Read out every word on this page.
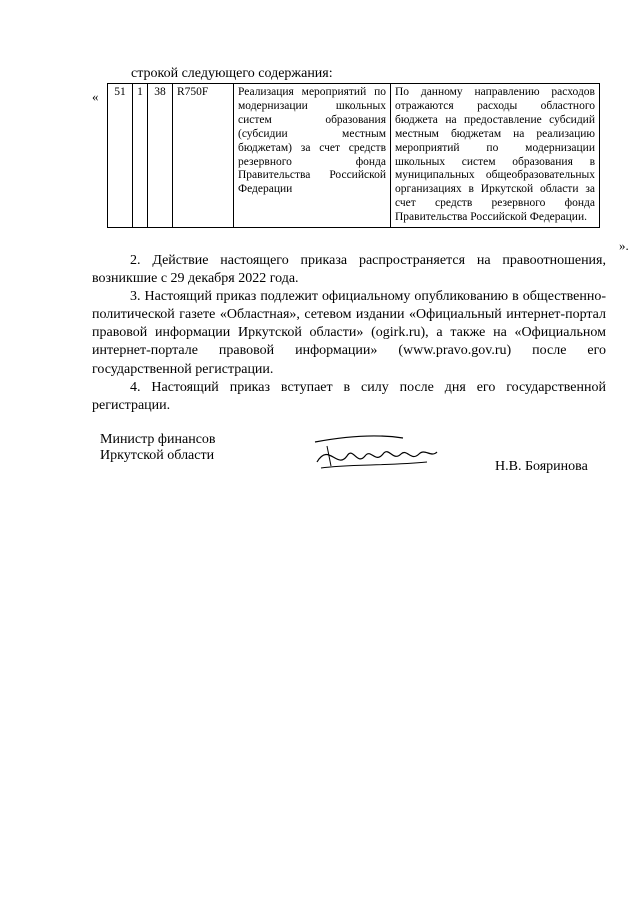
строкой следующего содержания:
« 51	1	38	R750F	Реализация мероприятий по модернизации школьных систем образования (субсидии местным бюджетам) за счет средств резервного фонда Правительства Российской Федерации	По данному направлению расходов отражаются расходы областного бюджета на предоставление субсидий местным бюджетам на реализацию мероприятий по модернизации школьных систем образования в муниципальных общеобразовательных организациях в Иркутской области за счет средств резервного фонда Правительства Российской Федерации.
».

2. Действие настоящего приказа распространяется на правоотношения, возникшие с 29 декабря 2022 года.

3. Настоящий приказ подлежит официальному опубликованию в общественно-политической газете «Областная», сетевом издании «Официальный интернет-портал правовой информации Иркутской области» (ogirk.ru), а также на «Официальном интернет-портале правовой информации» (www.pravo.gov.ru) после его государственной регистрации.

4. Настоящий приказ вступает в силу после дня его государственной регистрации.

Министр финансов
Иркутской области
Н.В. Бояринова
